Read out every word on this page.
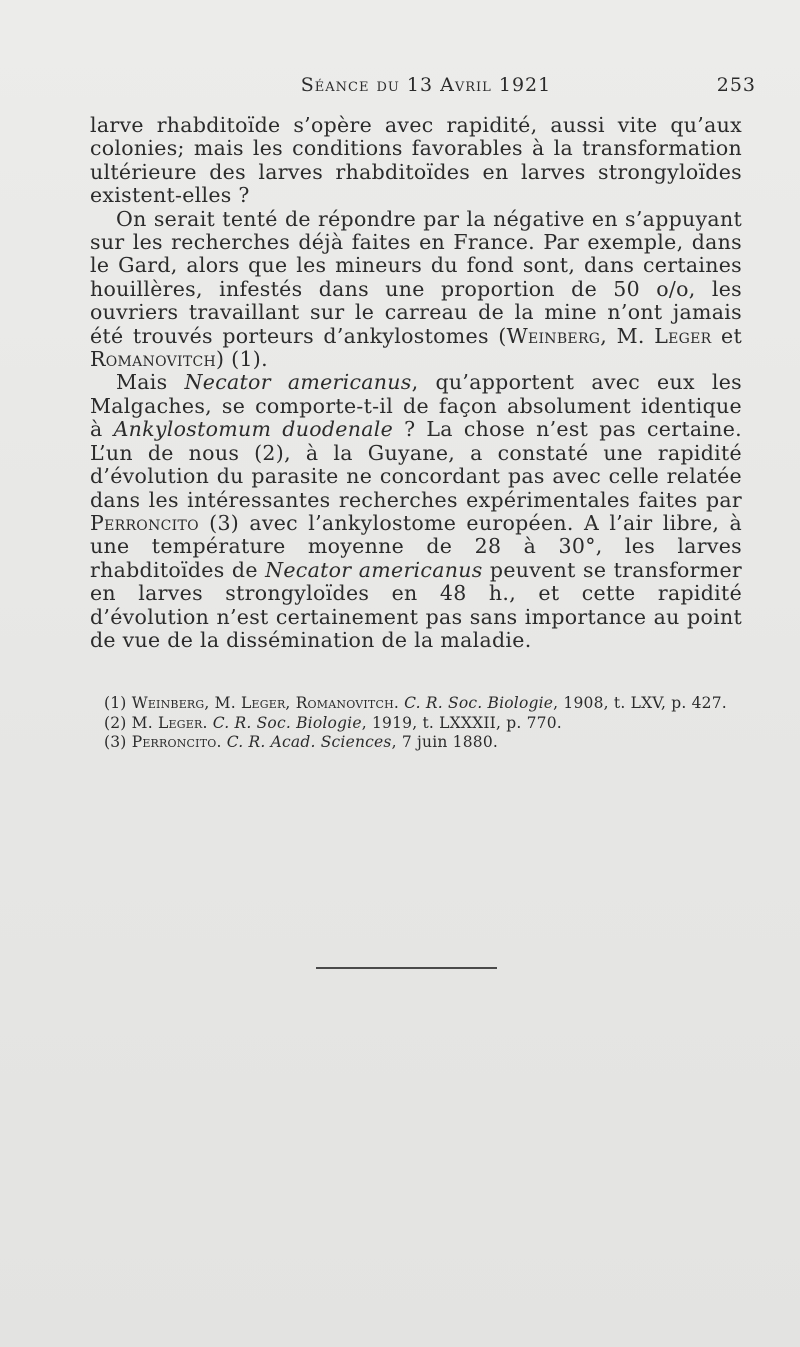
Séance du 13 Avril 1921	253

larve rhabditoïde s’opère avec rapidité, aussi vite qu’aux colonies; mais les conditions favorables à la transformation ultérieure des larves rhabditoïdes en larves strongyloïdes existent-elles ?

On serait tenté de répondre par la négative en s’appuyant sur les recherches déjà faites en France. Par exemple, dans le Gard, alors que les mineurs du fond sont, dans certaines houillères, infestés dans une proportion de 50 o/o, les ouvriers travaillant sur le carreau de la mine n’ont jamais été trouvés porteurs d’ankylostomes (Weinberg, M. Leger et Romanovitch) (1).

Mais Necator americanus, qu’apportent avec eux les Malgaches, se comporte-t-il de façon absolument identique à Ankylostomum duodenale ? La chose n’est pas certaine. L’un de nous (2), à la Guyane, a constaté une rapidité d’évolution du parasite ne concordant pas avec celle relatée dans les intéressantes recherches expérimentales faites par Perroncito (3) avec l’ankylostome européen. A l’air libre, à une température moyenne de 28 à 30°, les larves rhabditoïdes de Necator americanus peuvent se transformer en larves strongyloïdes en 48 h., et cette rapidité d’évolution n’est certainement pas sans importance au point de vue de la dissémination de la maladie.

(1) Weinberg, M. Leger, Romanovitch. C. R. Soc. Biologie, 1908, t. LXV, p. 427.

(2) M. Leger. C. R. Soc. Biologie, 1919, t. LXXXII, p. 770.

(3) Perroncito. C. R. Acad. Sciences, 7 juin 1880.
